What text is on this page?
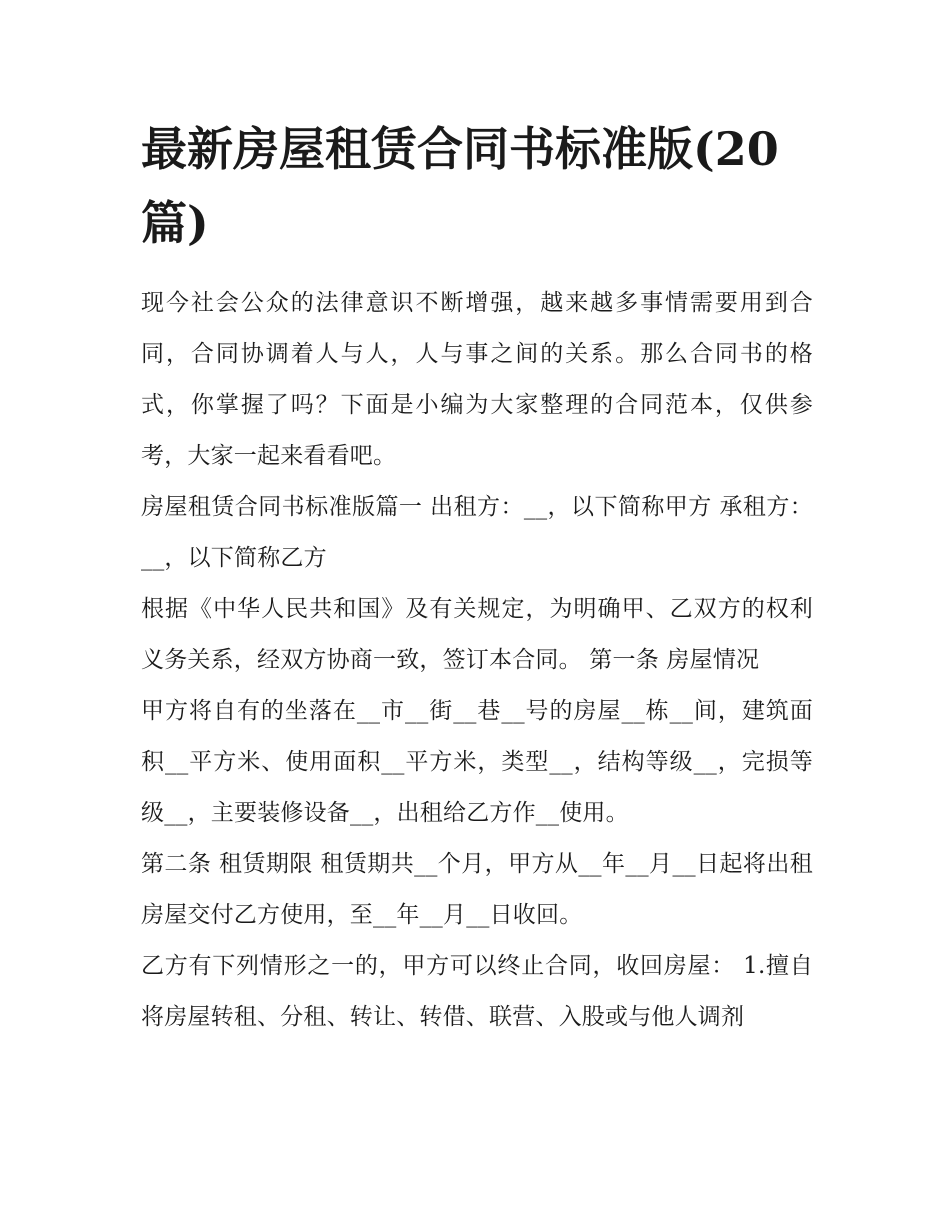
最新房屋租赁合同书标准版(20篇)

现今社会公众的法律意识不断增强，越来越多事情需要用到合同，合同协调着人与人，人与事之间的关系。那么合同书的格式，你掌握了吗？下面是小编为大家整理的合同范本，仅供参考，大家一起来看看吧。

房屋租赁合同书标准版篇一 出租方：__，以下简称甲方 承租方：__，以下简称乙方

根据《中华人民共和国》及有关规定，为明确甲、乙双方的权利义务关系，经双方协商一致，签订本合同。 第一条 房屋情况

甲方将自有的坐落在__市__街__巷__号的房屋__栋__间，建筑面积__平方米、使用面积__平方米，类型__，结构等级__，完损等级__，主要装修设备__，出租给乙方作__使用。

第二条 租赁期限 租赁期共__个月，甲方从__年__月__日起将出租房屋交付乙方使用，至__年__月__日收回。

乙方有下列情形之一的，甲方可以终止合同，收回房屋： 1.擅自将房屋转租、分租、转让、转借、联营、入股或与他人调剂
